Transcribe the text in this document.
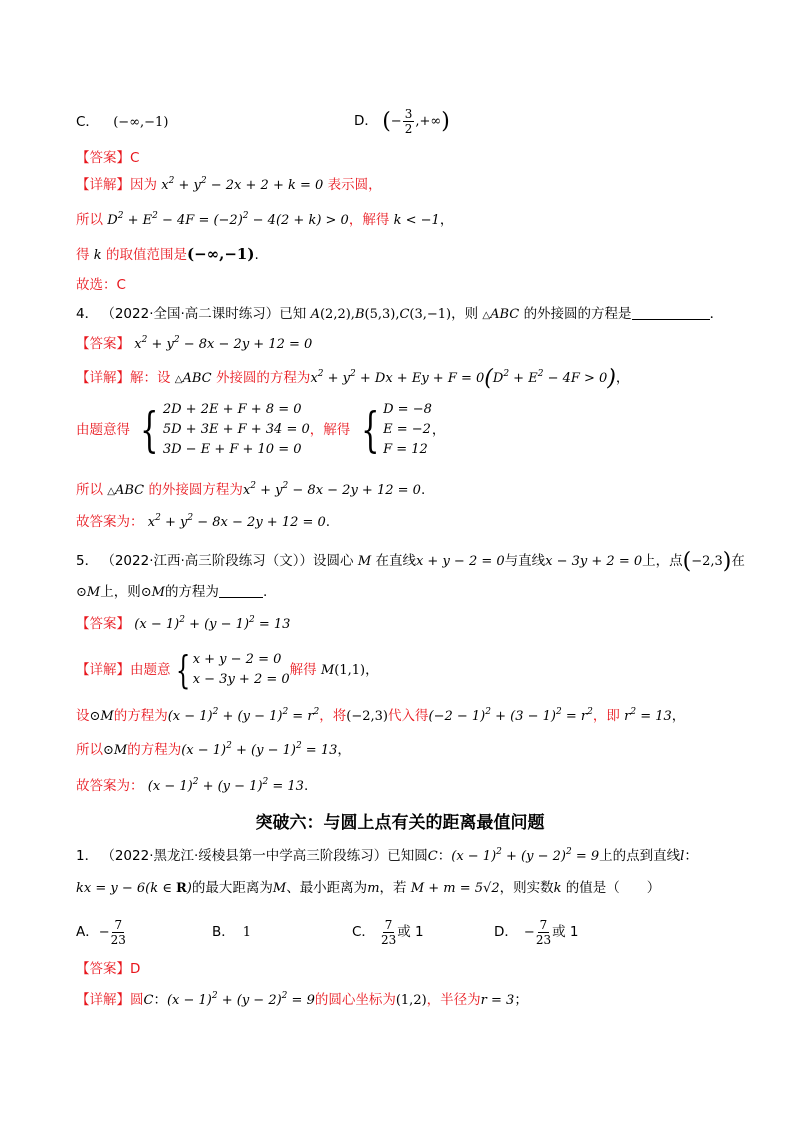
C． (−∞,−1)	D． (− $\frac{3}{2}$ ,+∞)
【答案】C
【详解】因为 $x^2 + y^2 - 2x + 2 + k = 0$ 表示圆，
所以 $D^2 + E^2 - 4F = (-2)^2 - 4(2 + k) > 0$，解得 k < −1，
得 k 的取值范围是(−∞,−1).
故选：C
4． （2022·全国·高二课时练习）已知 A(2,2),B(5,3),C(3,−1)，则 △ABC 的外接圆的方程是	．
【答案】 $x^2 + y^2 - 8x - 2y + 12 = 0$
【详解】解：设 △ABC 外接圆的方程为$x^2 + y^2 + Dx + Ey + F = 0(D^2 + E^2 - 4F > 0)$，
由题意得 { 2D + 2E + F + 8 = 0
5D + 3E + F + 34 = 0
3D − E + F + 10 = 0
，解得 { D = −8
E = −2
F = 12
，
所以 △ABC 的外接圆方程为$x^2 + y^2 - 8x - 2y + 12 = 0$.
故答案为： $x^2 + y^2 - 8x - 2y + 12 = 0$.
5． （2022·江西·高三阶段练习（文））设圆心 M 在直线x + y − 2 = 0与直线x − 3y + 2 = 0上，点(−2,3)在
⊙M上，则⊙M的方程为	.
【答案】 $(x - 1)^2 + (y - 1)^2 = 13$
【详解】由题意 { x + y − 2 = 0
x − 3y + 2 = 0
解得 M(1,1)，
设⊙M的方程为$(x - 1)^2 + (y - 1)^2 = r^2$，将(−2,3)代入得$(-2 - 1)^2 + (3 - 1)^2 = r^2$，即 $r^2 = 13$，
所以⊙M的方程为$(x - 1)^2 + (y - 1)^2 = 13$，
故答案为： $(x - 1)^2 + (y - 1)^2 = 13$.
突破六：与圆上点有关的距离最值问题
1． （2022·黑龙江·绥棱县第一中学高三阶段练习）已知圆C：$(x - 1)^2 + (y - 2)^2 = 9$上的点到直线l：
kx = y − 6(k ∈ R)的最大距离为M、最小距离为m，若 M + m = 5√2，则实数k 的值是（　　）
A．− $\frac{7}{23}$	B． 1	C． $\frac{7}{23}$ 或 1	D． − $\frac{7}{23}$ 或 1
【答案】D
【详解】圆C：$(x - 1)^2 + (y - 2)^2 = 9$的圆心坐标为(1,2)，半径为r = 3；
